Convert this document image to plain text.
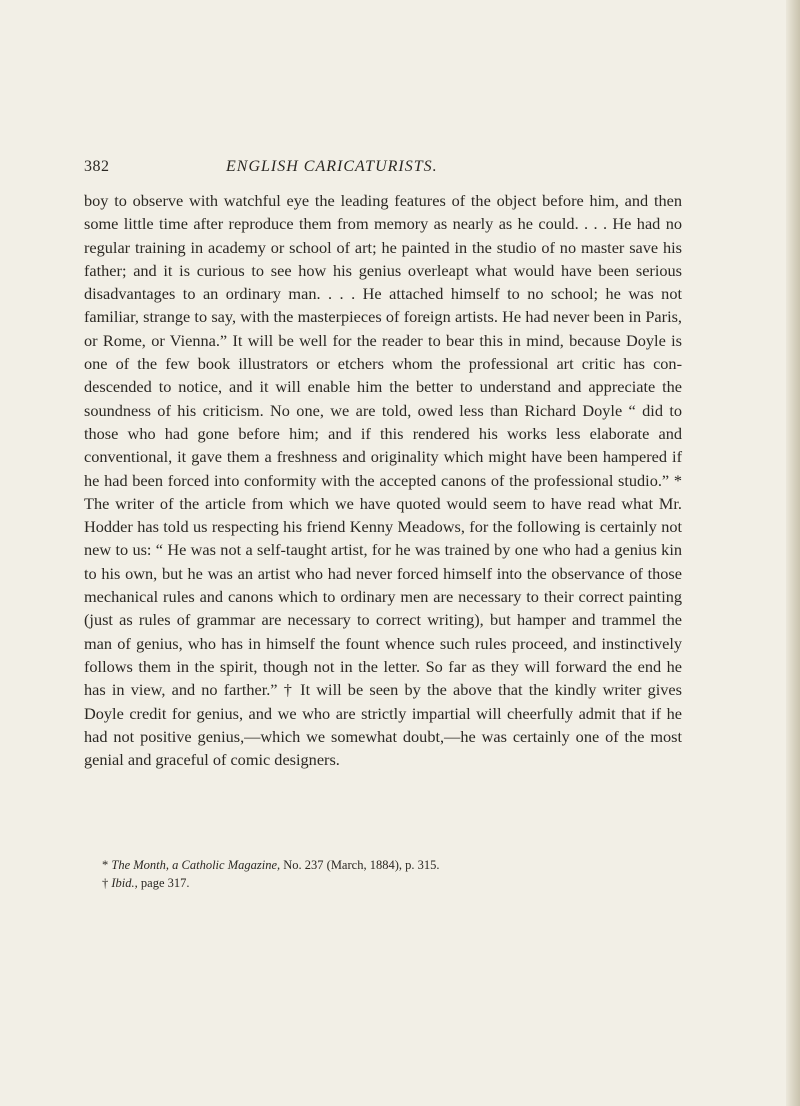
382	ENGLISH CARICATURISTS.

boy to observe with watchful eye the leading features of the object before him, and then some little time after reproduce them from memory as nearly as he could. . . . He had no regular training in academy or school of art; he painted in the studio of no master save his father; and it is curious to see how his genius overleapt what would have been serious disadvantages to an ordinary man. . . . He attached himself to no school; he was not familiar, strange to say, with the masterpieces of foreign artists. He had never been in Paris, or Rome, or Vienna.” It will be well for the reader to bear this in mind, because Doyle is one of the few book illustrators or etchers whom the professional art critic has condescended to notice, and it will enable him the better to understand and appreciate the soundness of his criticism. No one, we are told, owed less than Richard Doyle “ did to those who had gone before him; and if this rendered his works less elaborate and conventional, it gave them a freshness and originality which might have been hampered if he had been forced into conformity with the accepted canons of the professional studio.” * The writer of the article from which we have quoted would seem to have read what Mr. Hodder has told us respecting his friend Kenny Meadows, for the following is certainly not new to us: “ He was not a self-taught artist, for he was trained by one who had a genius kin to his own, but he was an artist who had never forced himself into the observance of those mechanical rules and canons which to ordinary men are necessary to their correct painting (just as rules of grammar are necessary to correct writing), but hamper and trammel the man of genius, who has in himself the fount whence such rules proceed, and instinctively follows them in the spirit, though not in the letter. So far as they will forward the end he has in view, and no farther.” † It will be seen by the above that the kindly writer gives Doyle credit for genius, and we who are strictly impartial will cheerfully admit that if he had not positive genius,—which we somewhat doubt,—he was certainly one of the most genial and graceful of comic designers.

* The Month, a Catholic Magazine, No. 237 (March, 1884), p. 315.

† Ibid., page 317.
